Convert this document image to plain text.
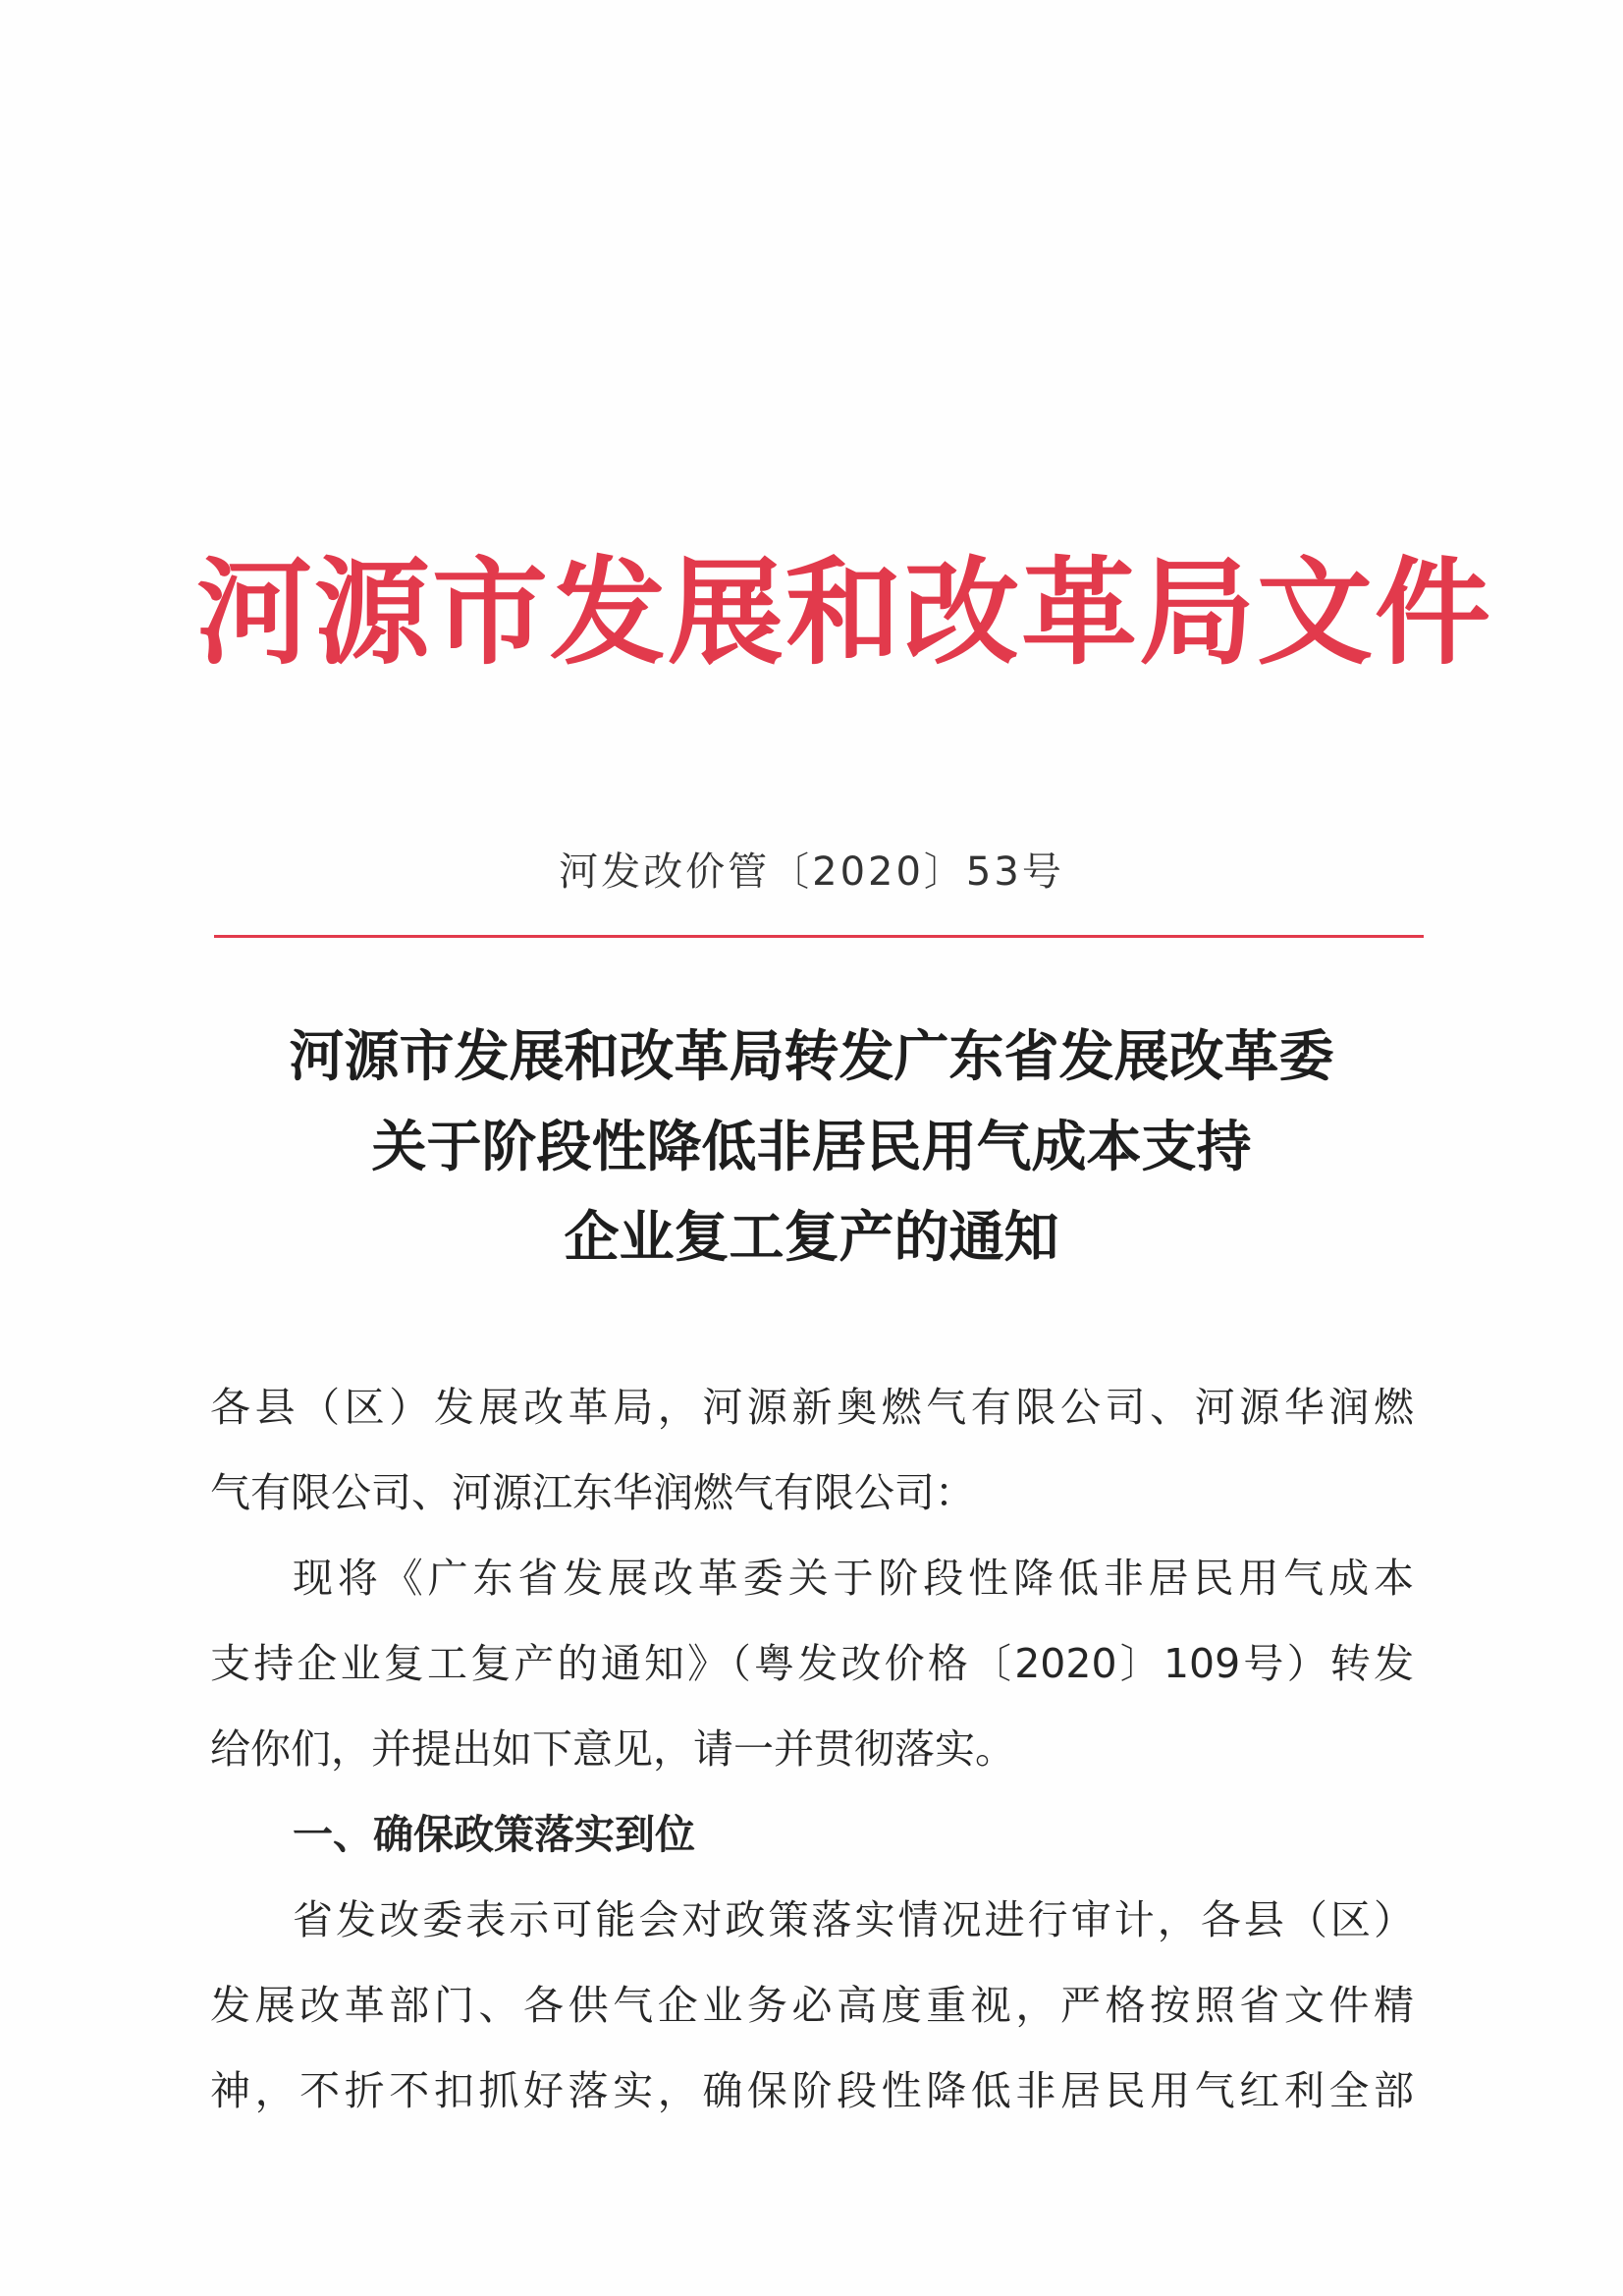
河源市发展和改革局文件
河发改价管〔2020〕53号
河源市发展和改革局转发广东省发展改革委
关于阶段性降低非居民用气成本支持
企业复工复产的通知
各县（区）发展改革局，河源新奥燃气有限公司、河源华润燃
气有限公司、河源江东华润燃气有限公司：
现将《广东省发展改革委关于阶段性降低非居民用气成本
支持企业复工复产的通知》（粤发改价格〔2020〕109号）转发
给你们，并提出如下意见，请一并贯彻落实。
一、确保政策落实到位
省发改委表示可能会对政策落实情况进行审计，各县（区）
发展改革部门、各供气企业务必高度重视，严格按照省文件精
神，不折不扣抓好落实，确保阶段性降低非居民用气红利全部
